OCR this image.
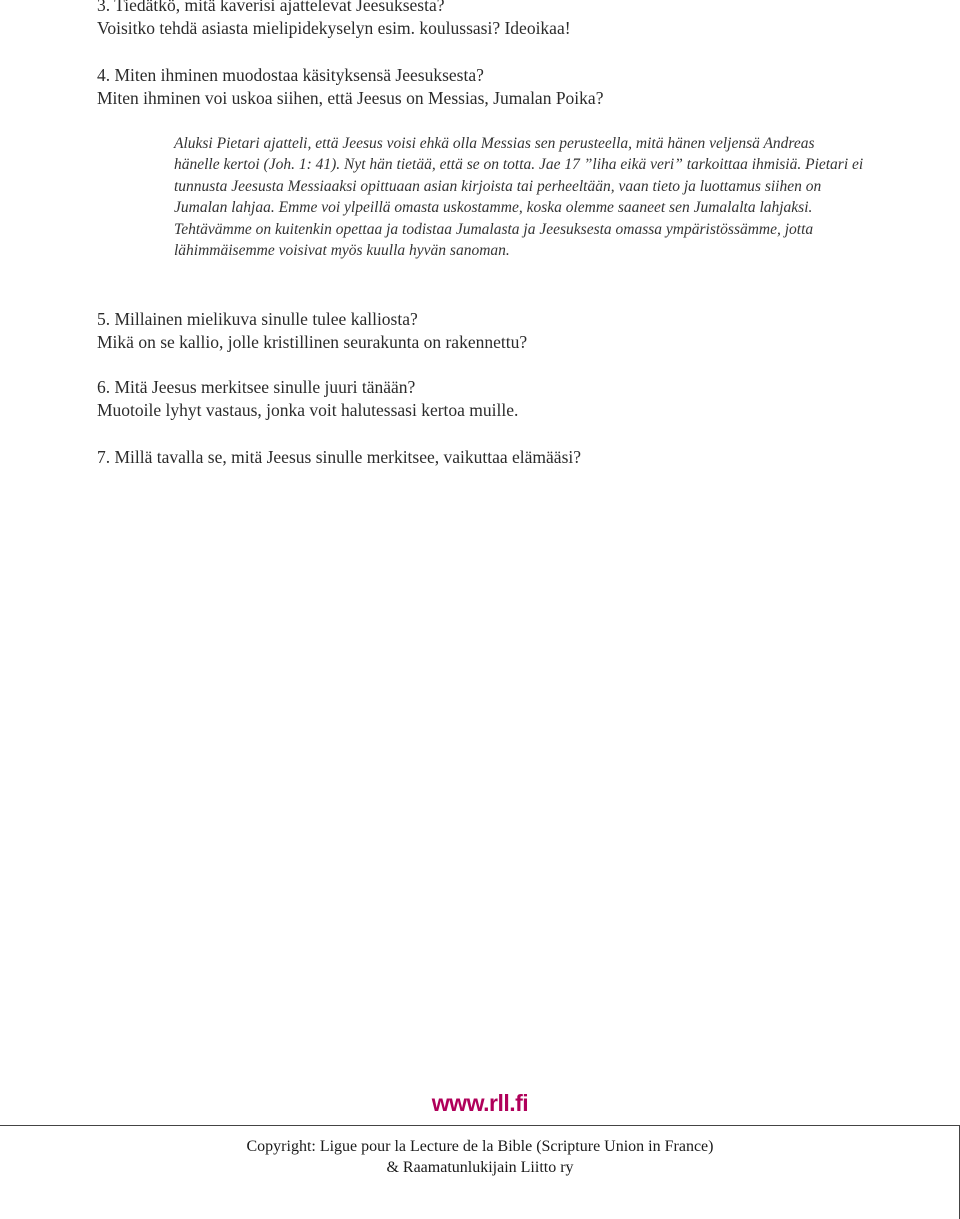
3. Tiedätkö, mitä kaverisi ajattelevat Jeesuksesta?
Voisitko tehdä asiasta mielipidekyselyn esim. koulussasi? Ideoikaa!
4. Miten ihminen muodostaa käsityksensä Jeesuksesta?
Miten ihminen voi uskoa siihen, että Jeesus on Messias, Jumalan Poika?

Aluksi Pietari ajatteli, että Jeesus voisi ehkä olla Messias sen perusteella, mitä hänen veljensä Andreas hänelle kertoi (Joh. 1: 41). Nyt hän tietää, että se on totta. Jae 17 ”liha eikä veri” tarkoittaa ihmisiä. Pietari ei tunnusta Jeesusta Messiaaksi opittuaan asian kirjoista tai perheeltään, vaan tieto ja luottamus siihen on Jumalan lahjaa. Emme voi ylpeillä omasta uskostamme, koska olemme saaneet sen Jumalalta lahjaksi. Tehtävämme on kuitenkin opettaa ja todistaa Jumalasta ja Jeesuksesta omassa ympäristössämme, jotta lähimmäisemme voisivat myös kuulla hyvän sanoman.

5. Millainen mielikuva sinulle tulee kalliosta?
Mikä on se kallio, jolle kristillinen seurakunta on rakennettu?
6. Mitä Jeesus merkitsee sinulle juuri tänään?
Muotoile lyhyt vastaus, jonka voit halutessasi kertoa muille.
7. Millä tavalla se, mitä Jeesus sinulle merkitsee, vaikuttaa elämääsi?
www.rll.fi
Copyright: Ligue pour la Lecture de la Bible (Scripture Union in France)
& Raamatunlukijain Liitto ry
